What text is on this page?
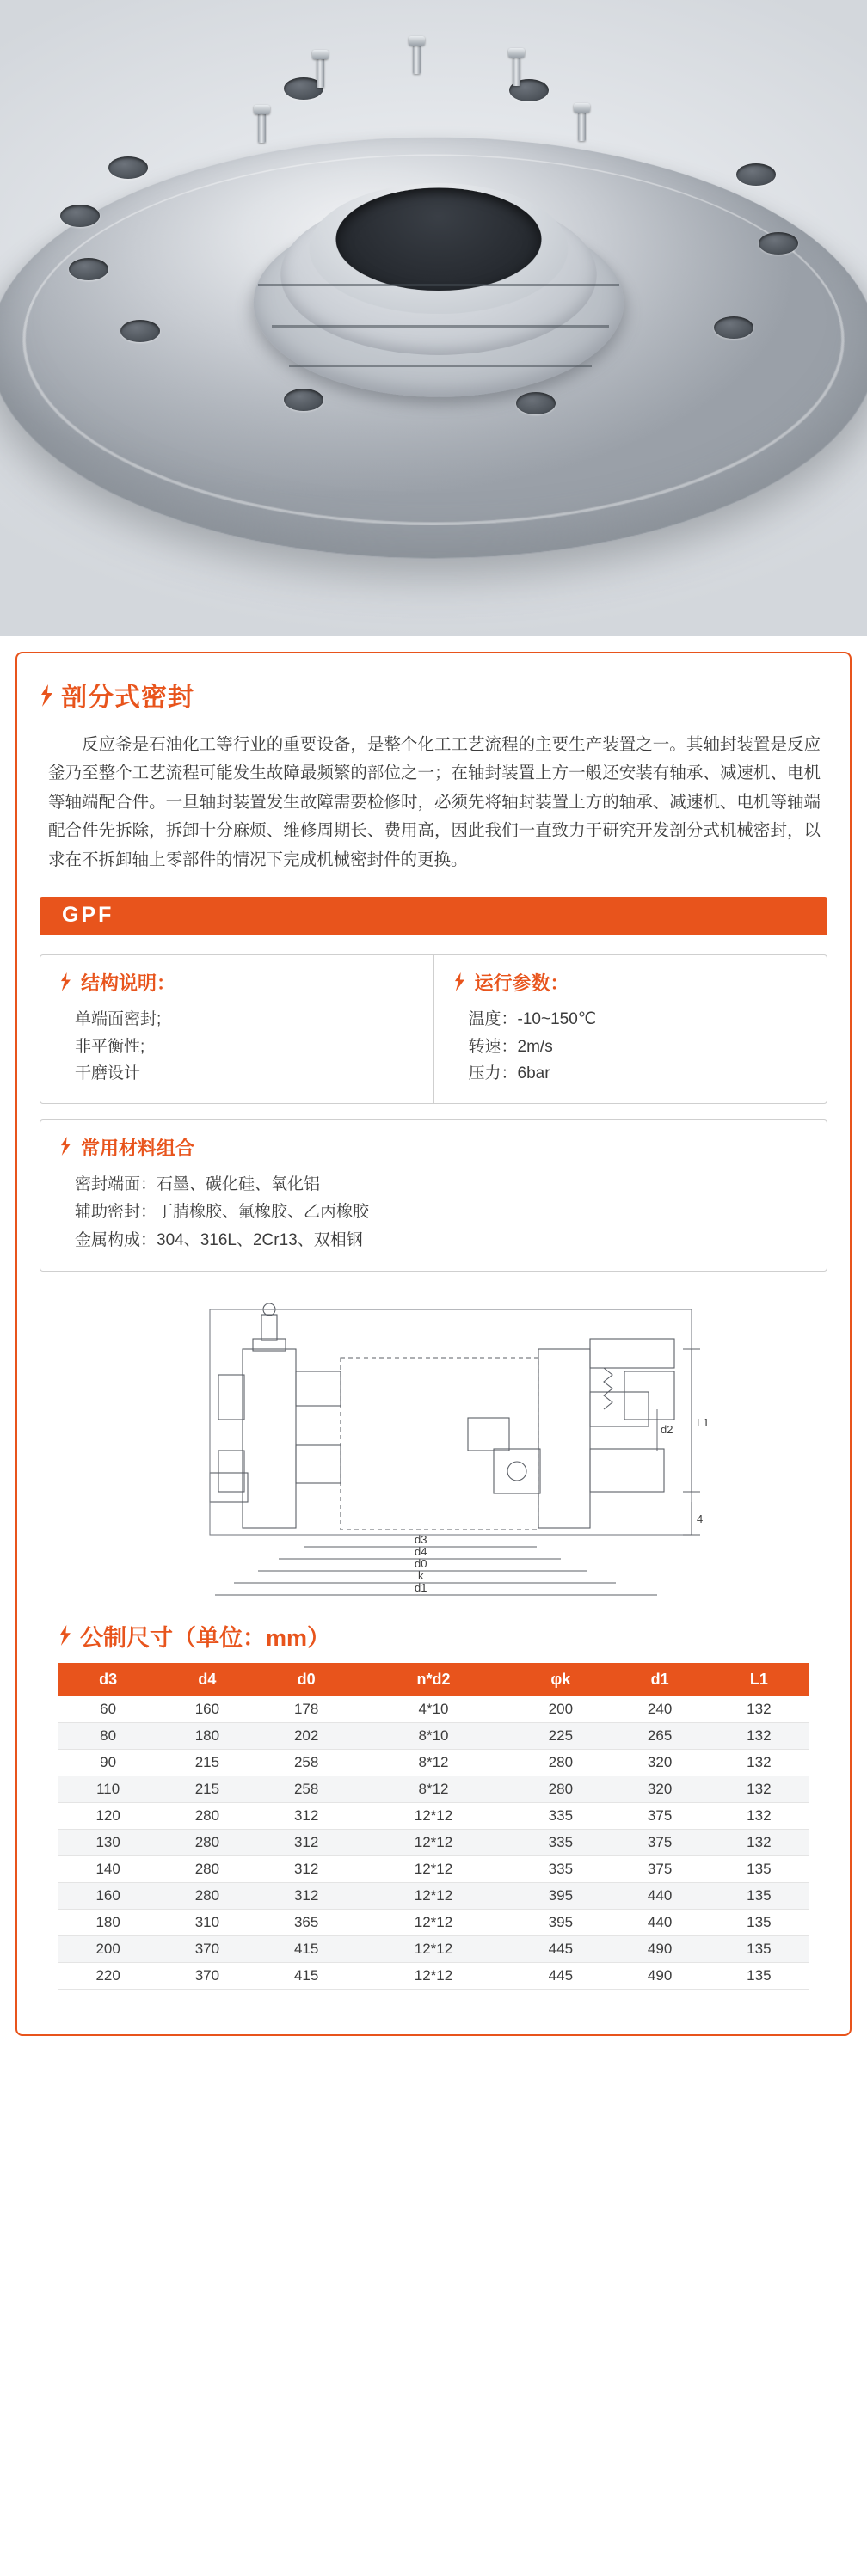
剖分式密封

反应釜是石油化工等行业的重要设备，是整个化工工艺流程的主要生产装置之一。其轴封装置是反应釜乃至整个工艺流程可能发生故障最频繁的部位之一；在轴封装置上方一般还安装有轴承、减速机、电机等轴端配合件。一旦轴封装置发生故障需要检修时，必须先将轴封装置上方的轴承、减速机、电机等轴端配合件先拆除，拆卸十分麻烦、维修周期长、费用高，因此我们一直致力于研究开发剖分式机械密封，以求在不拆卸轴上零部件的情况下完成机械密封件的更换。

GPF
结构说明：
单端面密封;
非平衡性;
干磨设计
运行参数：
温度： -10~150℃
转速： 2m/s
压力： 6bar
常用材料组合
密封端面： 石墨、碳化硅、氧化铝
辅助密封： 丁腈橡胶、氟橡胶、乙丙橡胶
金属构成： 304、316L、2Cr13、双相钢
L1
d2
4
d3
d4
d0
k
d1
公制尺寸（单位：mm）
d3	d4	d0	n*d2	φk	d1	L1
60	160	178	4*10	200	240	132
80	180	202	8*10	225	265	132
90	215	258	8*12	280	320	132
110	215	258	8*12	280	320	132
120	280	312	12*12	335	375	132
130	280	312	12*12	335	375	132
140	280	312	12*12	335	375	135
160	280	312	12*12	395	440	135
180	310	365	12*12	395	440	135
200	370	415	12*12	445	490	135
220	370	415	12*12	445	490	135
